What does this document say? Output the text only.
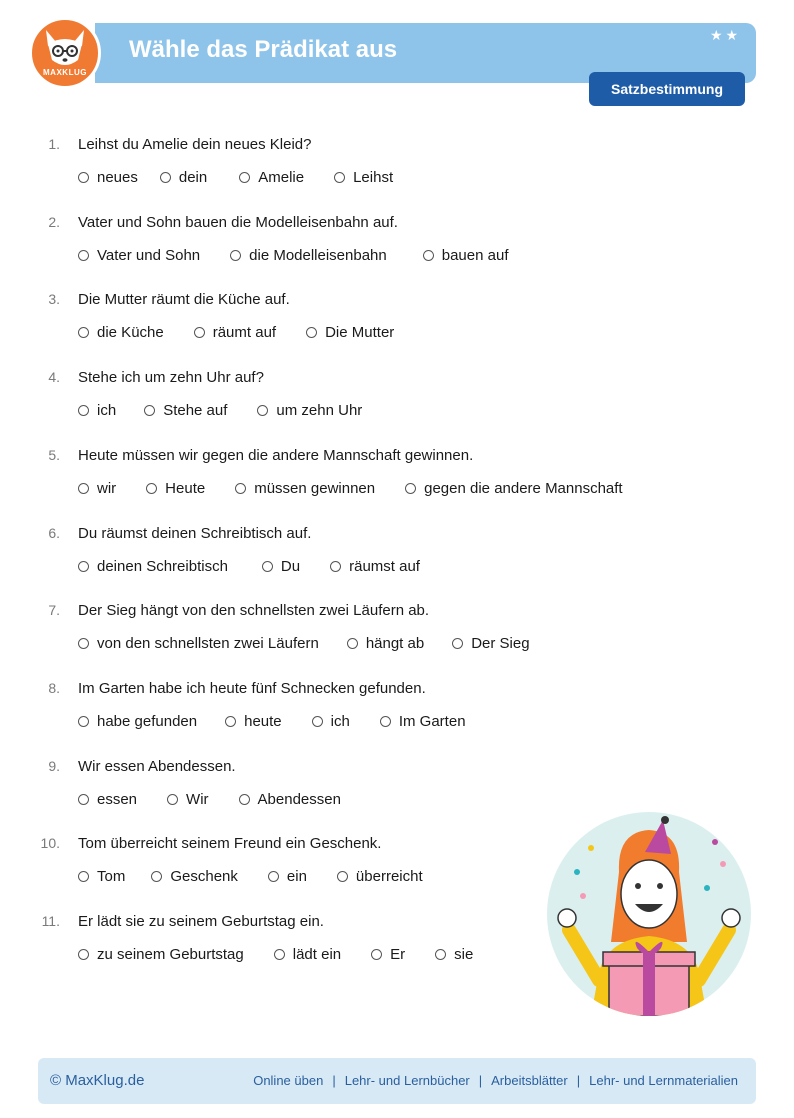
MAXKLUG
Wähle das Prädikat aus
★★
Satzbestimmung
1. Leihst du Amelie dein neues Kleid?
neues	dein	Amelie	Leihst
2. Vater und Sohn bauen die Modelleisenbahn auf.
Vater und Sohn	die Modelleisenbahn	bauen auf
3. Die Mutter räumt die Küche auf.
die Küche	räumt auf	Die Mutter
4. Stehe ich um zehn Uhr auf?
ich	Stehe auf	um zehn Uhr
5. Heute müssen wir gegen die andere Mannschaft gewinnen.
wir	Heute	müssen gewinnen	gegen die andere Mannschaft
6. Du räumst deinen Schreibtisch auf.
deinen Schreibtisch	Du	räumst auf
7. Der Sieg hängt von den schnellsten zwei Läufern ab.
von den schnellsten zwei Läufern	hängt ab	Der Sieg
8. Im Garten habe ich heute fünf Schnecken gefunden.
habe gefunden	heute	ich	Im Garten
9. Wir essen Abendessen.
essen	Wir	Abendessen
10. Tom überreicht seinem Freund ein Geschenk.
Tom	Geschenk	ein	überreicht
11. Er lädt sie zu seinem Geburtstag ein.
zu seinem Geburtstag	lädt ein	Er	sie
© MaxKlug.de	Online üben | Lehr- und Lernbücher | Arbeitsblätter | Lehr- und Lernmaterialien
